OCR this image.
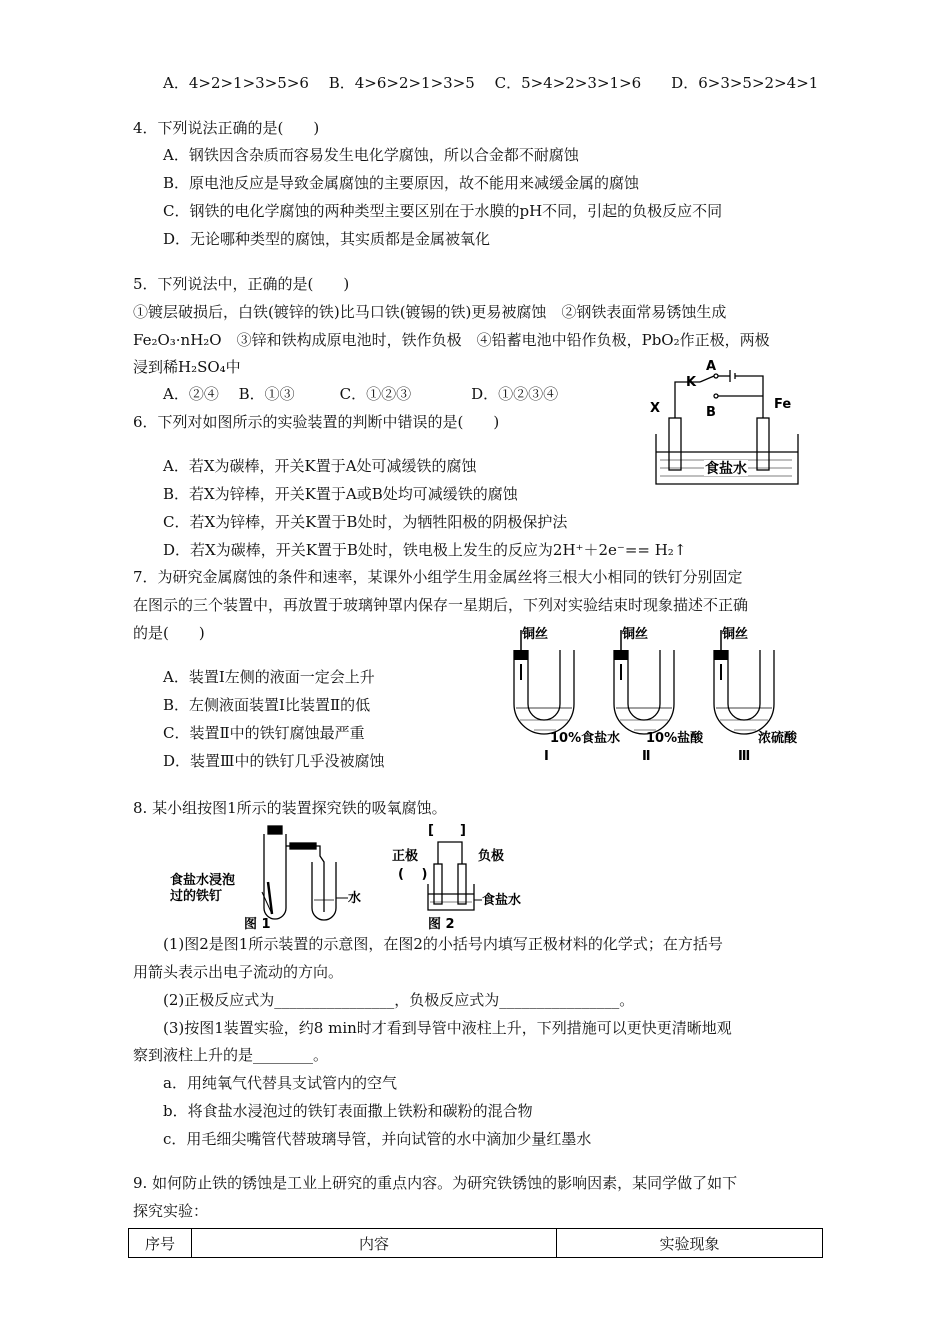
A．4>2>1>3>5>6　 B．4>6>2>1>3>5　 C．5>4>2>3>1>6　　D．6>3>5>2>4>1
4．下列说法正确的是(　　)
A．钢铁因含杂质而容易发生电化学腐蚀，所以合金都不耐腐蚀
B．原电池反应是导致金属腐蚀的主要原因，故不能用来减缓金属的腐蚀
C．钢铁的电化学腐蚀的两种类型主要区别在于水膜的pH不同，引起的负极反应不同
D．无论哪种类型的腐蚀，其实质都是金属被氧化
5．下列说法中，正确的是(　　)
①镀层破损后，白铁(镀锌的铁)比马口铁(镀锡的铁)更易被腐蚀　②钢铁表面常易锈蚀生成
Fe₂O₃·nH₂O　③锌和铁构成原电池时，铁作负极　④铅蓄电池中铅作负极，PbO₂作正极，两极
浸到稀H₂SO₄中
A．②④　 B．①③　　　C．①②③　　　　D．①②③④
A
K
B
X	Fe
食盐水
6．下列对如图所示的实验装置的判断中错误的是(　　)
A．若X为碳棒，开关K置于A处可减缓铁的腐蚀
B．若X为锌棒，开关K置于A或B处均可减缓铁的腐蚀
C．若X为锌棒，开关K置于B处时，为牺牲阳极的阴极保护法
D．若X为碳棒，开关K置于B处时，铁电极上发生的反应为2H⁺＋2e⁻== H₂↑
7．为研究金属腐蚀的条件和速率，某课外小组学生用金属丝将三根大小相同的铁钉分别固定
在图示的三个装置中，再放置于玻璃钟罩内保存一星期后，下列对实验结束时现象描述不正确
的是(　　)
A．装置Ⅰ左侧的液面一定会上升
B．左侧液面装置Ⅰ比装置Ⅱ的低
C．装置Ⅱ中的铁钉腐蚀最严重
D．装置Ⅲ中的铁钉几乎没被腐蚀
铜丝
10%食盐水
Ⅰ
铜丝
10%盐酸
Ⅱ
铜丝
浓硫酸
Ⅲ
8. 某小组按图1所示的装置探究铁的吸氧腐蚀。
食盐水浸泡
过的铁钉	水
图 1
[　　]
正极
(　 )
负极
食盐水
图 2
(1)图2是图1所示装置的示意图，在图2的小括号内填写正极材料的化学式；在方括号
用箭头表示出电子流动的方向。
(2)正极反应式为________________，负极反应式为________________。
(3)按图1装置实验，约8 min时才看到导管中液柱上升，下列措施可以更快更清晰地观
察到液柱上升的是________。
a．用纯氧气代替具支试管内的空气
b．将食盐水浸泡过的铁钉表面撒上铁粉和碳粉的混合物
c．用毛细尖嘴管代替玻璃导管，并向试管的水中滴加少量红墨水
9. 如何防止铁的锈蚀是工业上研究的重点内容。为研究铁锈蚀的影响因素，某同学做了如下
探究实验：
序号	内容	实验现象
